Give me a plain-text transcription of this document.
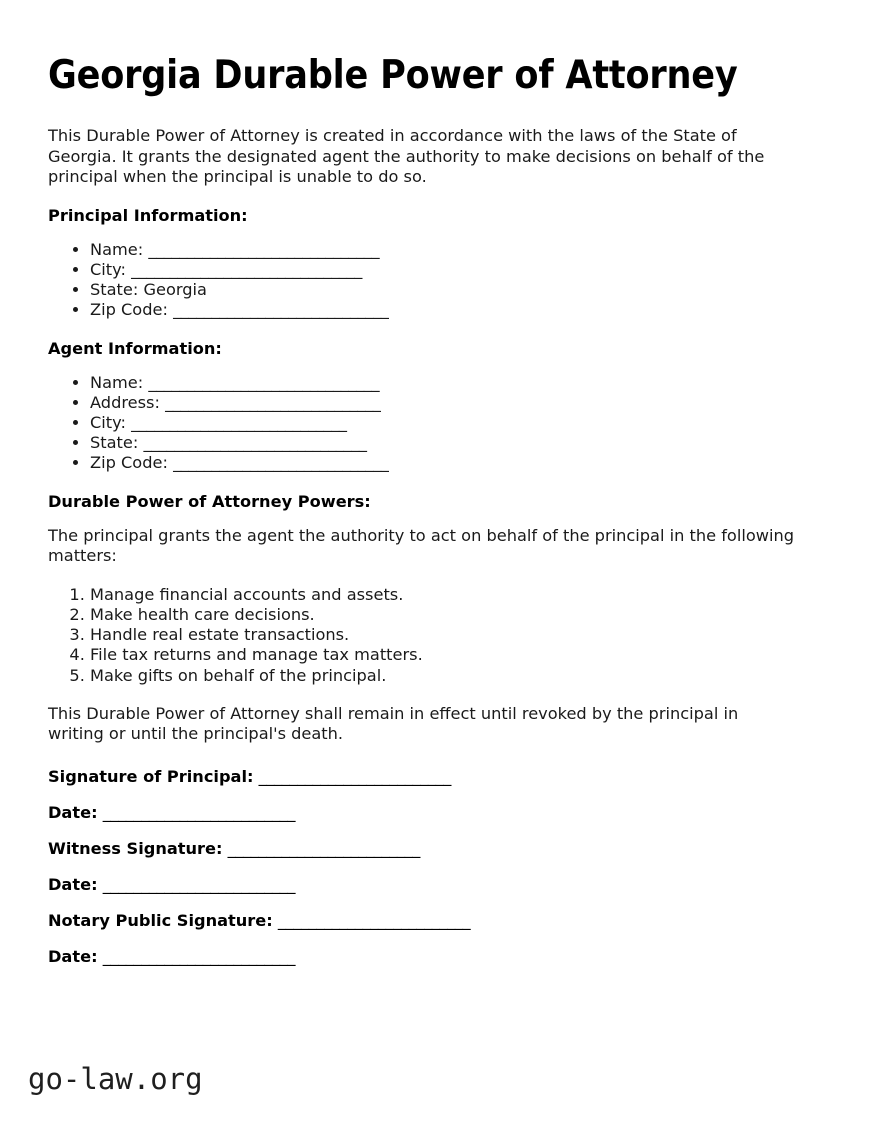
Georgia Durable Power of Attorney

This Durable Power of Attorney is created in accordance with the laws of the State of Georgia. It grants the designated agent the authority to make decisions on behalf of the principal when the principal is unable to do so.

Principal Information:
• Name: ______________________________
• City: ______________________________
• State: Georgia
• Zip Code: ____________________________
Agent Information:
• Name: ______________________________
• Address: ____________________________
• City: ____________________________
• State: _____________________________
• Zip Code: ____________________________
Durable Power of Attorney Powers:

The principal grants the agent the authority to act on behalf of the principal in the following matters:

1. Manage financial accounts and assets.
2. Make health care decisions.
3. Handle real estate transactions.
4. File tax returns and manage tax matters.
5. Make gifts on behalf of the principal.

This Durable Power of Attorney shall remain in effect until revoked by the principal in writing or until the principal's death.

Signature of Principal: _________________________
Date: _________________________
Witness Signature: _________________________
Date: _________________________
Notary Public Signature: _________________________
Date: _________________________
go-law.org
